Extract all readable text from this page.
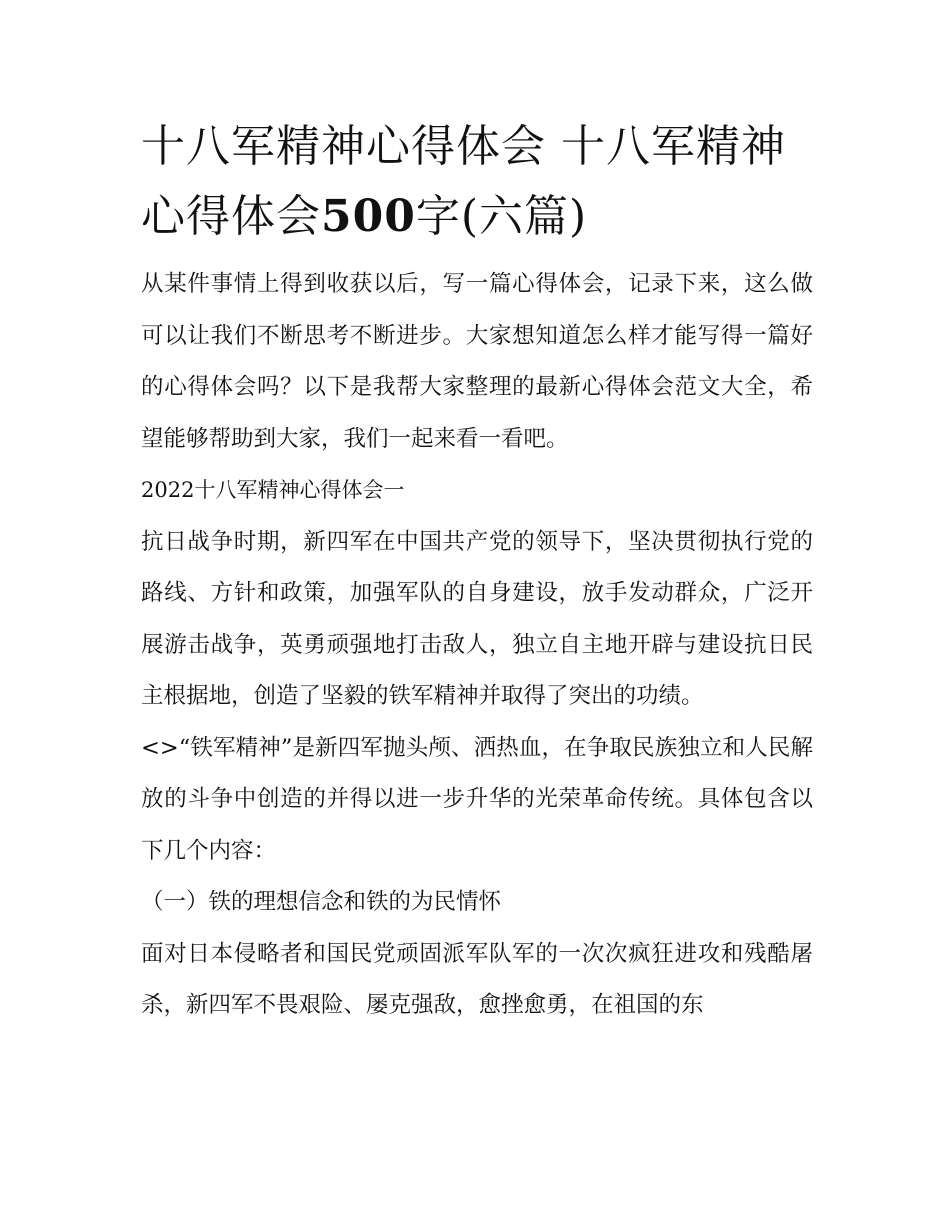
十八军精神心得体会 十八军精神心得体会500字(六篇)

从某件事情上得到收获以后，写一篇心得体会，记录下来，这么做可以让我们不断思考不断进步。大家想知道怎么样才能写得一篇好的心得体会吗？以下是我帮大家整理的最新心得体会范文大全，希望能够帮助到大家，我们一起来看一看吧。

2022十八军精神心得体会一

抗日战争时期，新四军在中国共产党的领导下，坚决贯彻执行党的路线、方针和政策，加强军队的自身建设，放手发动群众，广泛开展游击战争，英勇顽强地打击敌人，独立自主地开辟与建设抗日民主根据地，创造了坚毅的铁军精神并取得了突出的功绩。

<>“铁军精神”是新四军抛头颅、洒热血，在争取民族独立和人民解放的斗争中创造的并得以进一步升华的光荣革命传统。具体包含以下几个内容：

（一）铁的理想信念和铁的为民情怀

面对日本侵略者和国民党顽固派军队军的一次次疯狂进攻和残酷屠杀，新四军不畏艰险、屡克强敌，愈挫愈勇，在祖国的东
